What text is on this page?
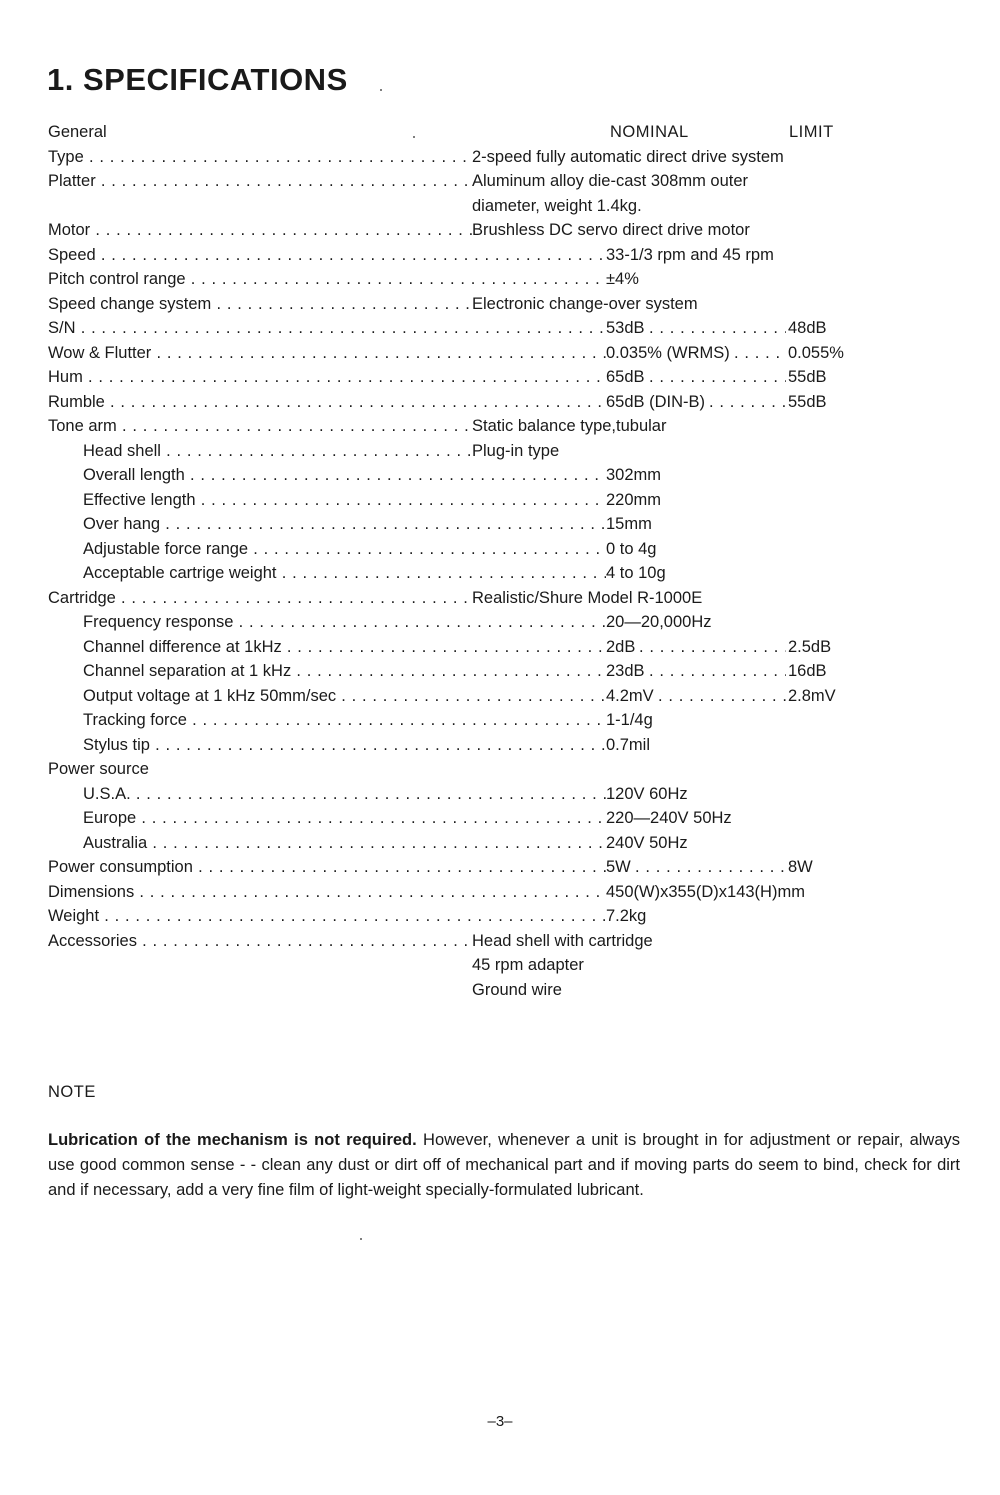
1. SPECIFICATIONS
General	NOMINAL	LIMIT
Type . . .	2-speed fully automatic direct drive system
Platter . . .	Aluminum alloy die-cast 308mm outer
diameter, weight 1.4kg.
Motor . . .	Brushless DC servo direct drive motor
Speed . . .	33-1/3 rpm and 45 rpm
Pitch control range . . .	±4%
Speed change system . . .	Electronic change-over system
S/N . . .	53dB . . .	48dB
Wow & Flutter . . .	0.035% (WRMS) . . .	0.055%
Hum . . .	65dB . . .	55dB
Rumble . . .	65dB (DIN-B) . . .	55dB
Tone arm . . .	Static balance type,tubular
Head shell . . .	Plug-in type
Overall length . . .	302mm
Effective length . . .	220mm
Over hang . . .	15mm
Adjustable force range . . .	0 to 4g
Acceptable cartrige weight . . .	4 to 10g
Cartridge . . .	Realistic/Shure Model R-1000E
Frequency response . . .	20—20,000Hz
Channel difference at 1kHz . . .	2dB . . .	2.5dB
Channel separation at 1 kHz . . .	23dB . . .	16dB
Output voltage at 1 kHz 50mm/sec . . .	4.2mV . . .	2.8mV
Tracking force . . .	1-1/4g
Stylus tip . . .	0.7mil
Power source
U.S.A. . . .	120V 60Hz
Europe . . .	220—240V 50Hz
Australia . . .	240V 50Hz
Power consumption . . .	5W . . .	8W
Dimensions . . .	450(W)x355(D)x143(H)mm
Weight . . .	7.2kg
Accessories . . .	Head shell with cartridge
45 rpm adapter
Ground wire

NOTE

Lubrication of the mechanism is not required. However, whenever a unit is brought in for adjustment or repair, always use good common sense - - clean any dust or dirt off of mechanical part and if moving parts do seem to bind, check for dirt and if necessary, add a very fine film of light-weight specially-formulated lubricant.

–3–
